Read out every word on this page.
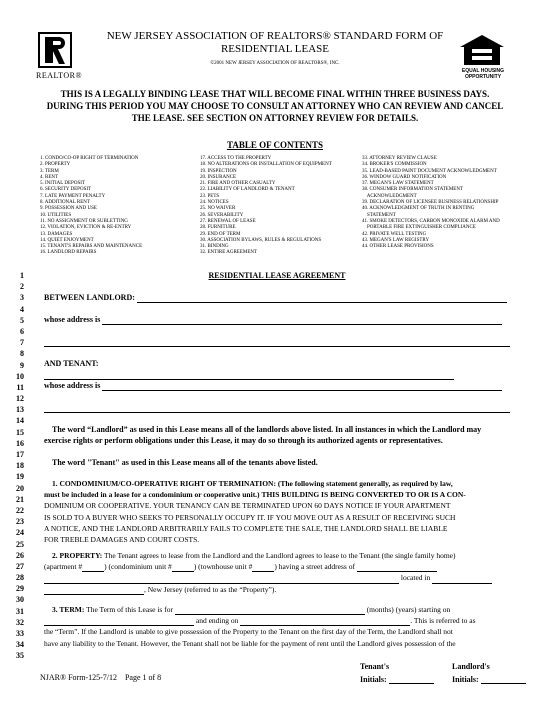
REALTOR®
NEW JERSEY ASSOCIATION OF REALTORS® STANDARD FORM OF
RESIDENTIAL LEASE
©2001 NEW JERSEY ASSOCIATION OF REALTORS®, INC.
EQUAL HOUSING
OPPORTUNITY
THIS IS A LEGALLY BINDING LEASE THAT WILL BECOME FINAL WITHIN THREE BUSINESS DAYS.
DURING THIS PERIOD YOU MAY CHOOSE TO CONSULT AN ATTORNEY WHO CAN REVIEW AND CANCEL
THE LEASE. SEE SECTION ON ATTORNEY REVIEW FOR DETAILS.
TABLE OF CONTENTS
1. CONDO/CO-OP RIGHT OF TERMINATION
2. PROPERTY
3. TERM
4. RENT
5. INITIAL DEPOSIT
6. SECURITY DEPOSIT
7. LATE PAYMENT PENALTY
8. ADDITIONAL RENT
9. POSSESSION AND USE
10. UTILITIES
11. NO ASSIGNMENT OR SUBLETTING
12. VIOLATION, EVICTION & RE-ENTRY
13. DAMAGES
14. QUIET ENJOYMENT
15. TENANT'S REPAIRS AND MAINTENANCE
16. LANDLORD REPAIRS
17. ACCESS TO THE PROPERTY
18. NO ALTERATIONS OR INSTALLATION OF EQUIPMENT
19. INSPECTION
20. INSURANCE
21. FIRE AND OTHER CASUALTY
22. LIABILITY OF LANDLORD & TENANT
23. PETS
24. NOTICES
25. NO WAIVER
26. SEVERABILITY
27. RENEWAL OF LEASE
28. FURNITURE
29. END OF TERM
30. ASSOCIATION BYLAWS, RULES & REGULATIONS
31. BINDING
32. ENTIRE AGREEMENT
33. ATTORNEY REVIEW CLAUSE
34. BROKER'S COMMISSION
35. LEAD-BASED PAINT DOCUMENT ACKNOWLEDGMENT
36. WINDOW GUARD NOTIFICATION
37. MEGAN'S LAW STATEMENT
38. CONSUMER INFORMATION STATEMENT
ACKNOWLEDGMENT
39. DECLARATION OF LICENSEE BUSINESS RELATIONSHIP
40. ACKNOWLEDGMENT OF TRUTH IN RENTING
STATEMENT
41. SMOKE DETECTORS, CARBON MONOXIDE ALARM AND
PORTABLE FIRE EXTINGUISHER COMPLIANCE
42. PRIVATE WELL TESTING
43. MEGAN'S LAW REGISTRY
44. OTHER LEASE PROVISIONS
1
2
3
4
5
6
7
8
9
10
11
12
13
14
15
16
17
18
19
20
21
22
23
24
25
26
27
28
29
30
31
32
33
34
35
RESIDENTIAL LEASE AGREEMENT
BETWEEN LANDLORD:
whose address is
AND TENANT:
whose address is
The word “Landlord” as used in this Lease means all of the landlords above listed. In all instances in which the Landlord may
exercise rights or perform obligations under this Lease, it may do so through its authorized agents or representatives.
The word "Tenant" as used in this Lease means all of the tenants above listed.
1. CONDOMINIUM/CO-OPERATIVE RIGHT OF TERMINATION: (The following statement generally, as required by law,
must be included in a lease for a condominium or cooperative unit.) THIS BUILDING IS BEING CONVERTED TO OR IS A CON-
DOMINIUM OR COOPERATIVE. YOUR TENANCY CAN BE TERMINATED UPON 60 DAYS NOTICE IF YOUR APARTMENT
IS SOLD TO A BUYER WHO SEEKS TO PERSONALLY OCCUPY IT. IF YOU MOVE OUT AS A RESULT OF RECEIVING SUCH
A NOTICE, AND THE LANDLORD ARBITRARILY FAILS TO COMPLETE THE SALE, THE LANDLORD SHALL BE LIABLE
FOR TREBLE DAMAGES AND COURT COSTS.
2. PROPERTY: The Tenant agrees to lease from the Landlord and the Landlord agrees to lease to the Tenant (the single family home)
(apartment #	) (condominium unit #	) (townhouse unit #	) having a street address of
located in
, New Jersey (referred to as the “Property”).
3. TERM: The Term of this Lease is for	(months) (years) starting on
and ending on	. This is referred to as
the “Term”. If the Landlord is unable to give possession of the Property to the Tenant on the first day of the Term, the Landlord shall not
have any liability to the Tenant. However, the Tenant shall not be liable for the payment of rent until the Landlord gives possession of the
NJAR® Form-125-7/12 Page 1 of 8
Tenant's	Landlord's
Initials:	Initials:
